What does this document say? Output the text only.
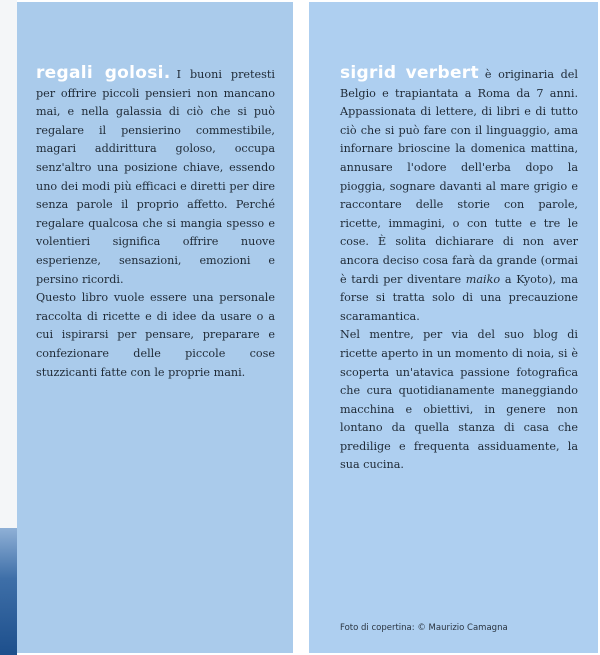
regali golosi. I buoni pretesti per offrire piccoli pensieri non mancano mai, e nella galassia di ciò che si può regalare il pensierino commestibile, magari addirittura goloso, occupa senz'altro una posizione chiave, essendo uno dei modi più efficaci e diretti per dire senza parole il proprio affetto. Perché regalare qualcosa che si mangia spesso e volentieri significa offrire nuove esperienze, sensazioni, emozioni e persino ricordi.

Questo libro vuole essere una personale raccolta di ricette e di idee da usare o a cui ispirarsi per pensare, preparare e confezionare delle piccole cose stuzzicanti fatte con le proprie mani.

sigrid verbert è originaria del Belgio e trapiantata a Roma da 7 anni. Appassionata di lettere, di libri e di tutto ciò che si può fare con il linguaggio, ama infornare brioscine la domenica mattina, annusare l'odore dell'erba dopo la pioggia, sognare davanti al mare grigio e raccontare delle storie con parole, ricette, immagini, o con tutte e tre le cose. È solita dichiarare di non aver ancora deciso cosa farà da grande (ormai è tardi per diventare maiko a Kyoto), ma forse si tratta solo di una precauzione scaramantica.

Nel mentre, per via del suo blog di ricette aperto in un momento di noia, si è scoperta un'atavica passione fotografica che cura quotidianamente maneggiando macchina e obiettivi, in genere non lontano da quella stanza di casa che predilige e frequenta assiduamente, la sua cucina.

Foto di copertina: © Maurizio Camagna
